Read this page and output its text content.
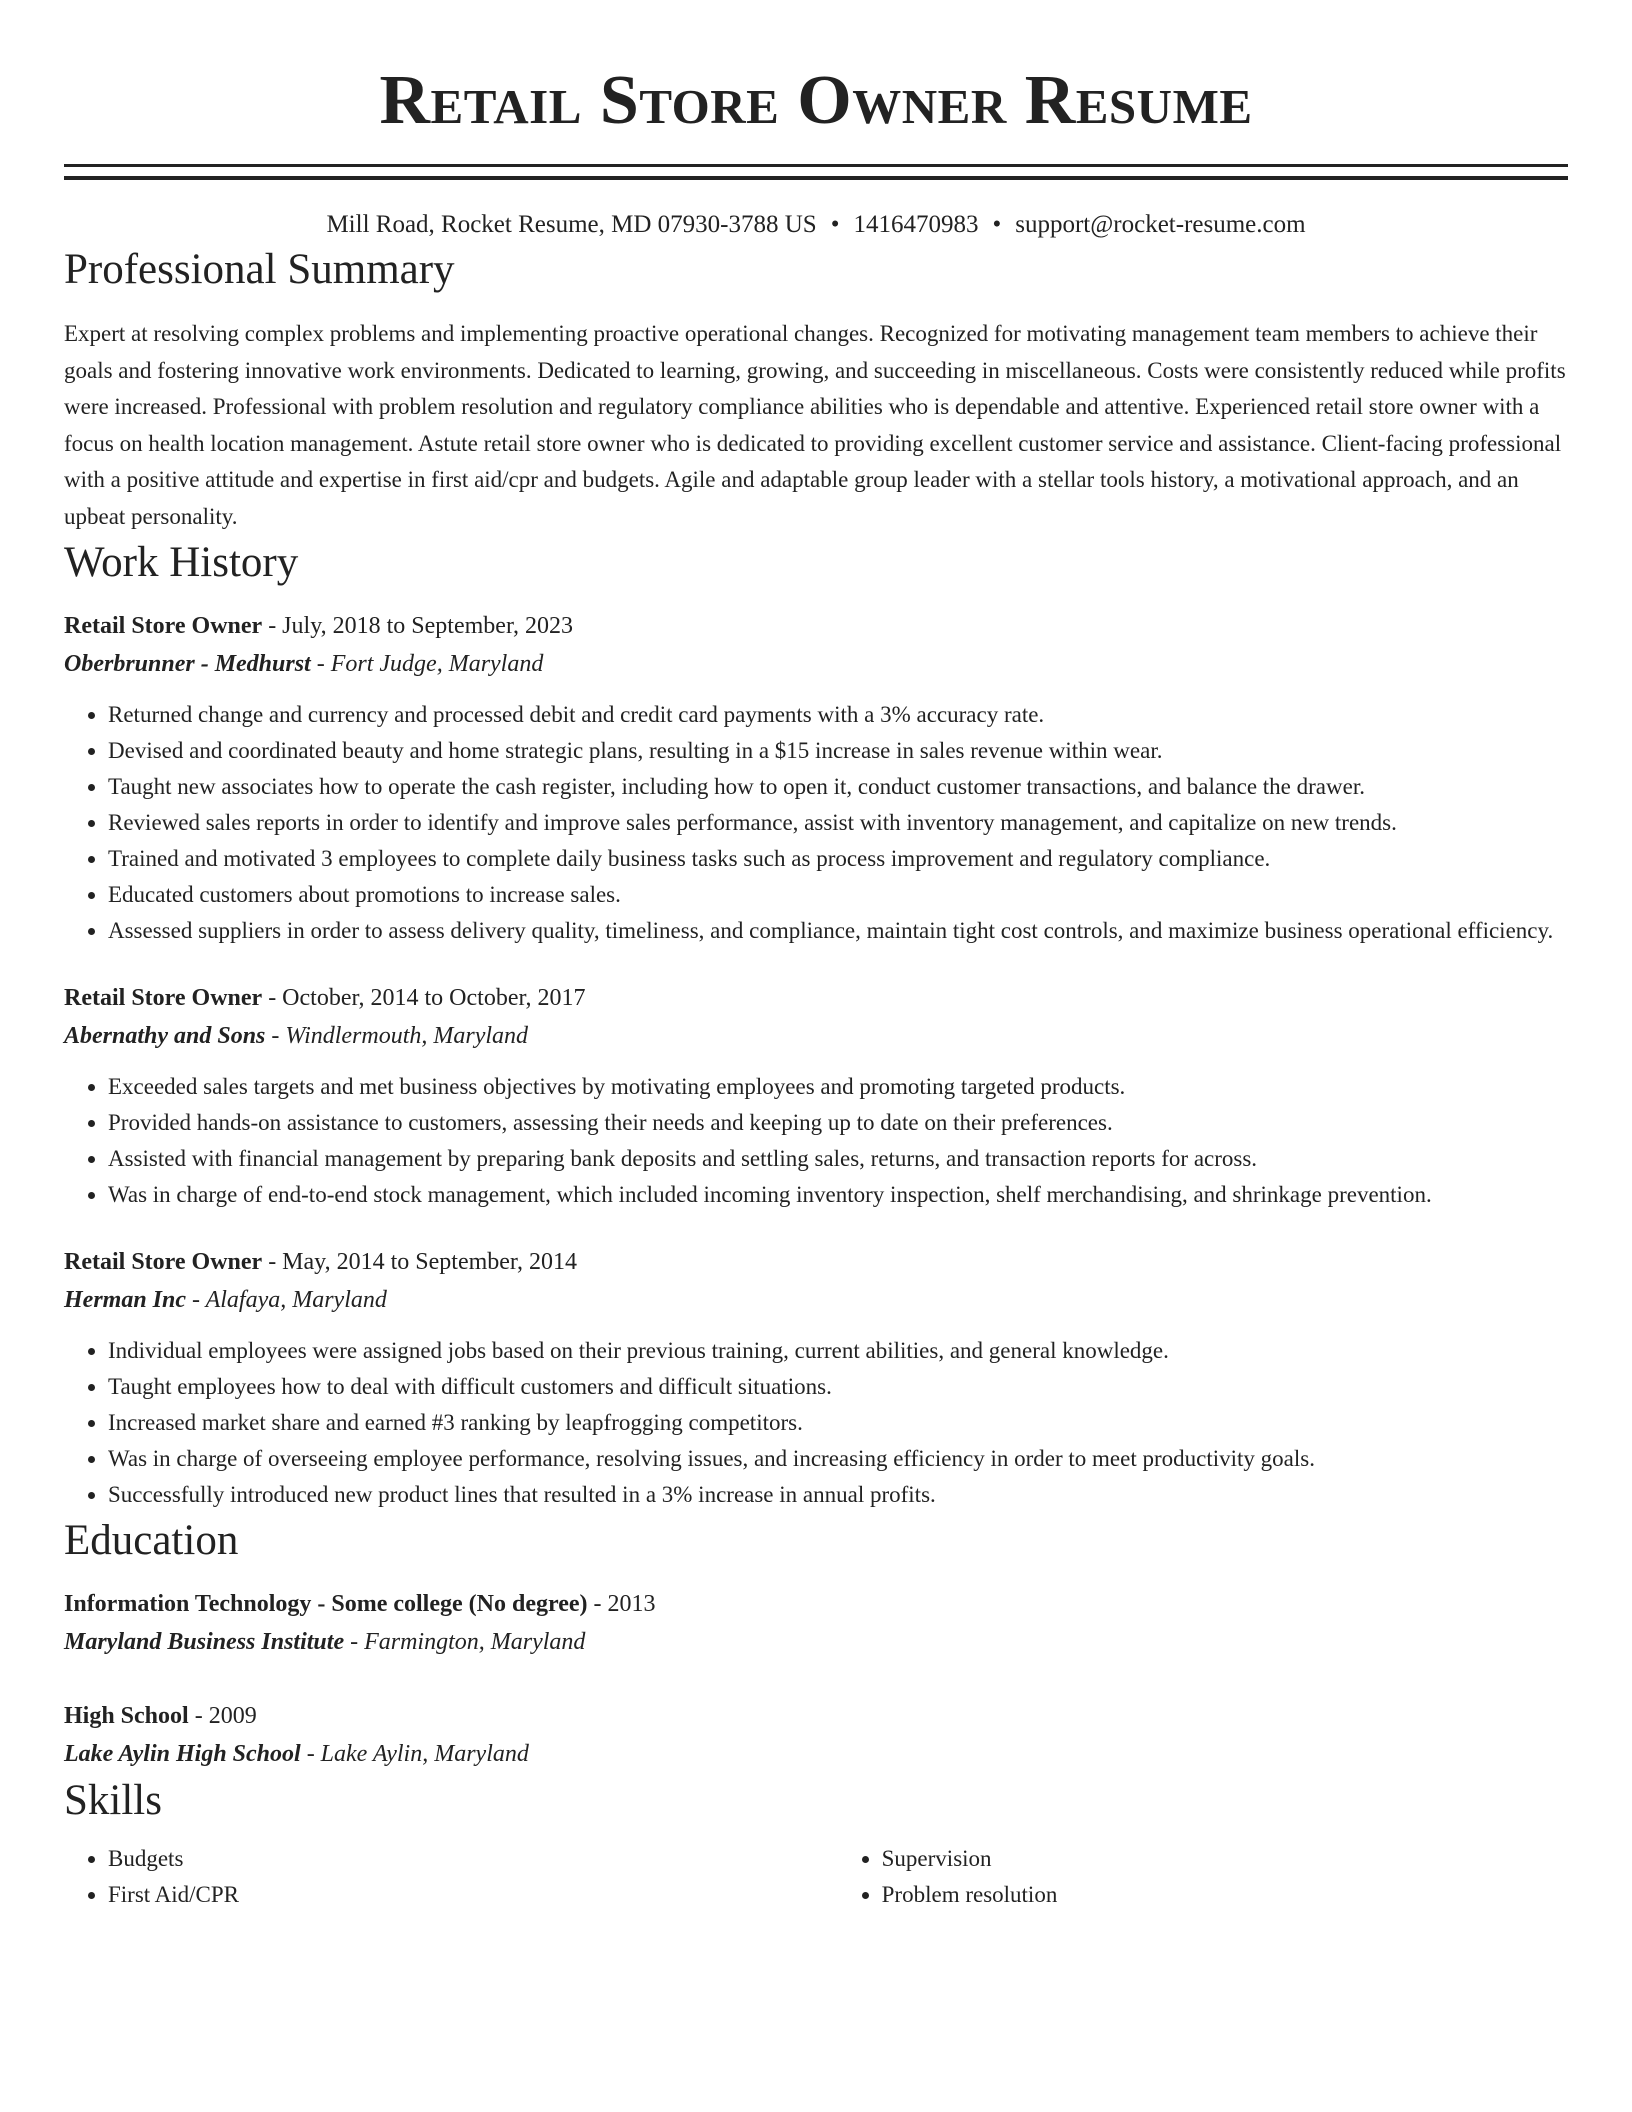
Retail Store Owner Resume
Mill Road, Rocket Resume, MD 07930-3788 US • 1416470983 • support@rocket-resume.com
Professional Summary

Expert at resolving complex problems and implementing proactive operational changes. Recognized for motivating management team members to achieve their goals and fostering innovative work environments. Dedicated to learning, growing, and succeeding in miscellaneous. Costs were consistently reduced while profits were increased. Professional with problem resolution and regulatory compliance abilities who is dependable and attentive. Experienced retail store owner with a focus on health location management. Astute retail store owner who is dedicated to providing excellent customer service and assistance. Client-facing professional with a positive attitude and expertise in first aid/cpr and budgets. Agile and adaptable group leader with a stellar tools history, a motivational approach, and an upbeat personality.

Work History
Retail Store Owner - July, 2018 to September, 2023
Oberbrunner - Medhurst - Fort Judge, Maryland
• Returned change and currency and processed debit and credit card payments with a 3% accuracy rate.
• Devised and coordinated beauty and home strategic plans, resulting in a $15 increase in sales revenue within wear.
• Taught new associates how to operate the cash register, including how to open it, conduct customer transactions, and balance the drawer.
• Reviewed sales reports in order to identify and improve sales performance, assist with inventory management, and capitalize on new trends.
• Trained and motivated 3 employees to complete daily business tasks such as process improvement and regulatory compliance.
• Educated customers about promotions to increase sales.
• Assessed suppliers in order to assess delivery quality, timeliness, and compliance, maintain tight cost controls, and maximize business operational efficiency.
Retail Store Owner - October, 2014 to October, 2017
Abernathy and Sons - Windlermouth, Maryland
• Exceeded sales targets and met business objectives by motivating employees and promoting targeted products.
• Provided hands-on assistance to customers, assessing their needs and keeping up to date on their preferences.
• Assisted with financial management by preparing bank deposits and settling sales, returns, and transaction reports for across.
• Was in charge of end-to-end stock management, which included incoming inventory inspection, shelf merchandising, and shrinkage prevention.
Retail Store Owner - May, 2014 to September, 2014
Herman Inc - Alafaya, Maryland
• Individual employees were assigned jobs based on their previous training, current abilities, and general knowledge.
• Taught employees how to deal with difficult customers and difficult situations.
• Increased market share and earned #3 ranking by leapfrogging competitors.
• Was in charge of overseeing employee performance, resolving issues, and increasing efficiency in order to meet productivity goals.
• Successfully introduced new product lines that resulted in a 3% increase in annual profits.
Education
Information Technology - Some college (No degree) - 2013
Maryland Business Institute - Farmington, Maryland
High School - 2009
Lake Aylin High School - Lake Aylin, Maryland
Skills
• Budgets
• First Aid/CPR
• Supervision
• Problem resolution
